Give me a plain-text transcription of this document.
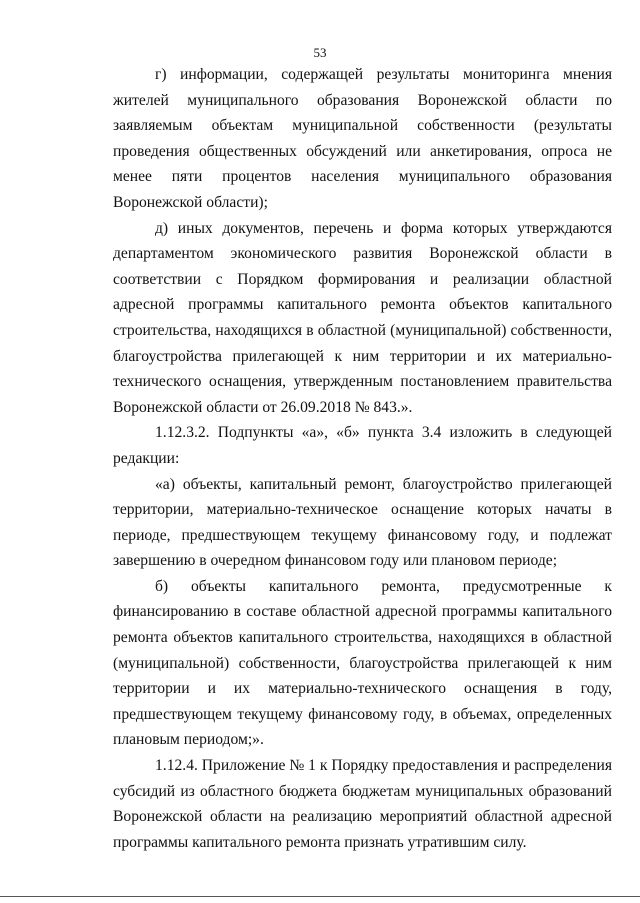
53

г) информации, содержащей результаты мониторинга мнения жителей муниципального образования Воронежской области по заявляемым объектам муниципальной собственности (результаты проведения общественных обсуждений или анкетирования, опроса не менее пяти процентов населения муниципального образования Воронежской области);

д) иных документов, перечень и форма которых утверждаются департаментом экономического развития Воронежской области в соответствии с Порядком формирования и реализации областной адресной программы капитального ремонта объектов капитального строительства, находящихся в областной (муниципальной) собственности, благоустройства прилегающей к ним территории и их материально-технического оснащения, утвержденным постановлением правительства Воронежской области от 26.09.2018 № 843.».

1.12.3.2. Подпункты «а», «б» пункта 3.4 изложить в следующей редакции:

«а) объекты, капитальный ремонт, благоустройство прилегающей территории, материально-техническое оснащение которых начаты в периоде, предшествующем текущему финансовому году, и подлежат завершению в очередном финансовом году или плановом периоде;

б) объекты капитального ремонта, предусмотренные к финансированию в составе областной адресной программы капитального ремонта объектов капитального строительства, находящихся в областной (муниципальной) собственности, благоустройства прилегающей к ним территории и их материально-технического оснащения в году, предшествующем текущему финансовому году, в объемах, определенных плановым периодом;».

1.12.4. Приложение № 1 к Порядку предоставления и распределения субсидий из областного бюджета бюджетам муниципальных образований Воронежской области на реализацию мероприятий областной адресной программы капитального ремонта признать утратившим силу.
